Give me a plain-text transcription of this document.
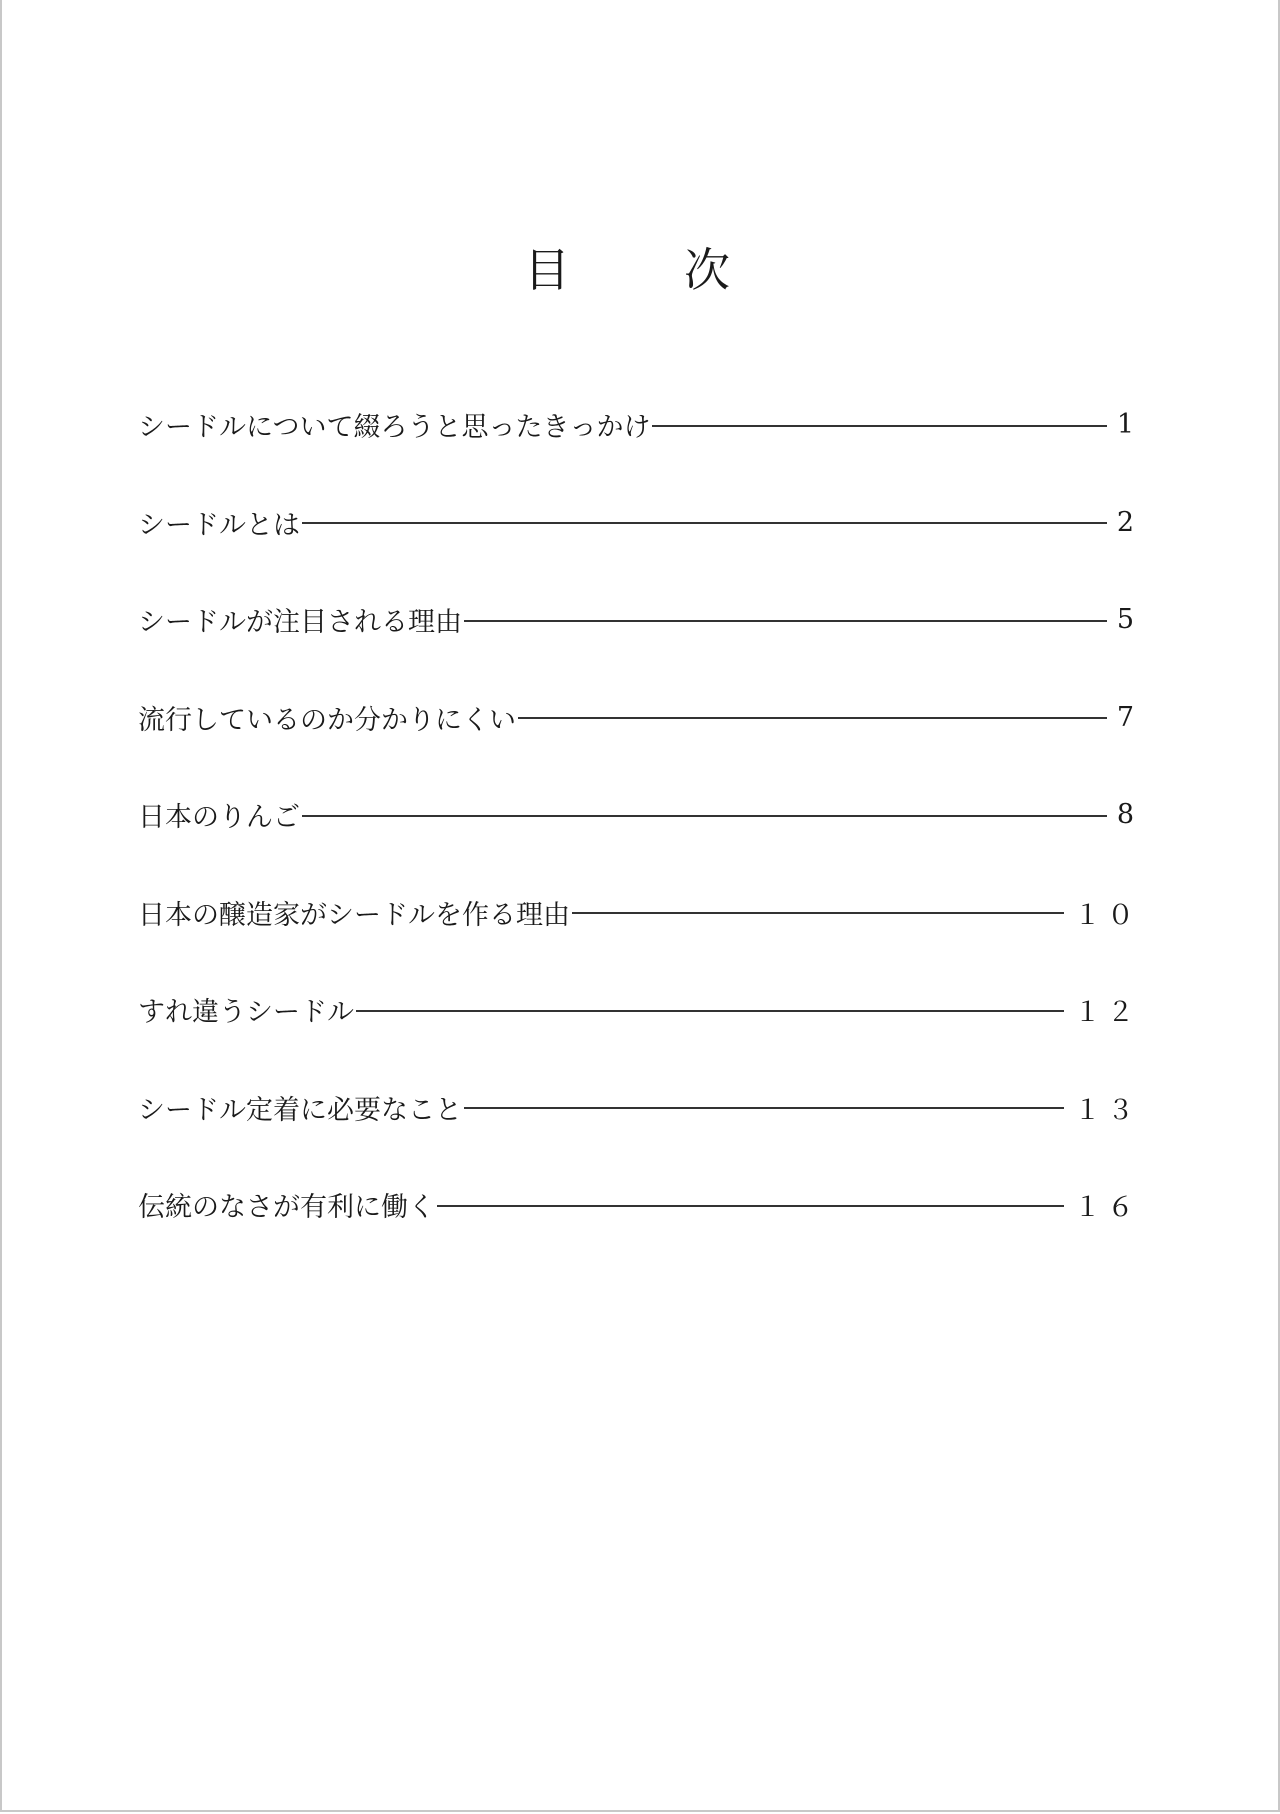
目　次
シードルについて綴ろうと思ったきっかけ	1
シードルとは	2
シードルが注目される理由	5
流行しているのか分かりにくい	7
日本のりんご	8
日本の醸造家がシードルを作る理由	１０
すれ違うシードル	１２
シードル定着に必要なこと	１３
伝統のなさが有利に働く	１６
